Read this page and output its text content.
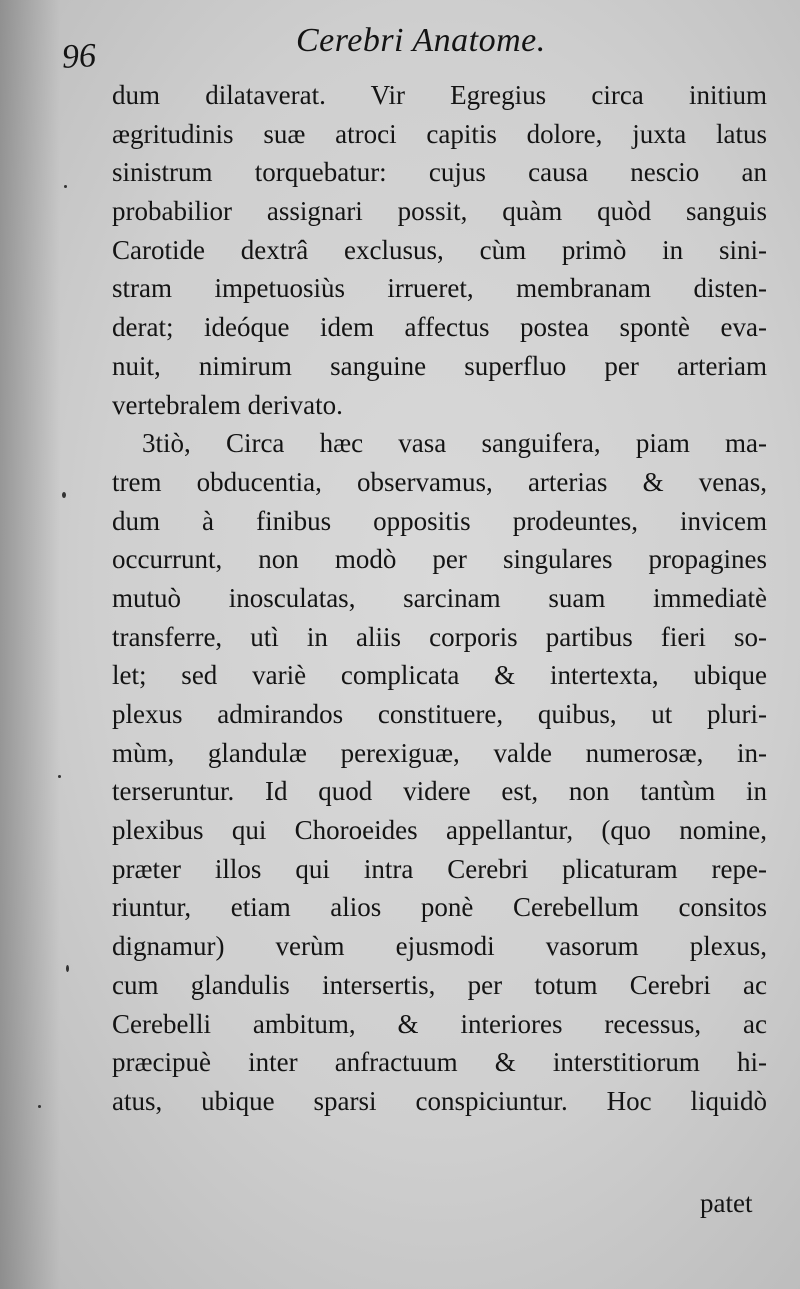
96	Cerebri Anatome.
dum dilataverat. Vir Egregius circa initium
ægritudinis suæ atroci capitis dolore, juxta latus
sinistrum torquebatur: cujus causa nescio an
probabilior assignari possit, quàm quòd sanguis
Carotide dextrâ exclusus, cùm primò in sini-
stram impetuosiùs irrueret, membranam disten-
derat; ideóque idem affectus postea spontè eva-
nuit, nimirum sanguine superfluo per arteriam
vertebralem derivato.
3tiò, Circa hæc vasa sanguifera, piam ma-
trem obducentia, observamus, arterias & venas,
dum à finibus oppositis prodeuntes, invicem
occurrunt, non modò per singulares propagines
mutuò inosculatas, sarcinam suam immediatè
transferre, utì in aliis corporis partibus fieri so-
let; sed variè complicata & intertexta, ubique
plexus admirandos constituere, quibus, ut pluri-
mùm, glandulæ perexiguæ, valde numerosæ, in-
terseruntur. Id quod videre est, non tantùm in
plexibus qui Choroeides appellantur, (quo nomine,
præter illos qui intra Cerebri plicaturam repe-
riuntur, etiam alios ponè Cerebellum consitos
dignamur) verùm ejusmodi vasorum plexus,
cum glandulis intersertis, per totum Cerebri ac
Cerebelli ambitum, & interiores recessus, ac
præcipuè inter anfractuum & interstitiorum hi-
atus, ubique sparsi conspiciuntur. Hoc liquidò
patet
